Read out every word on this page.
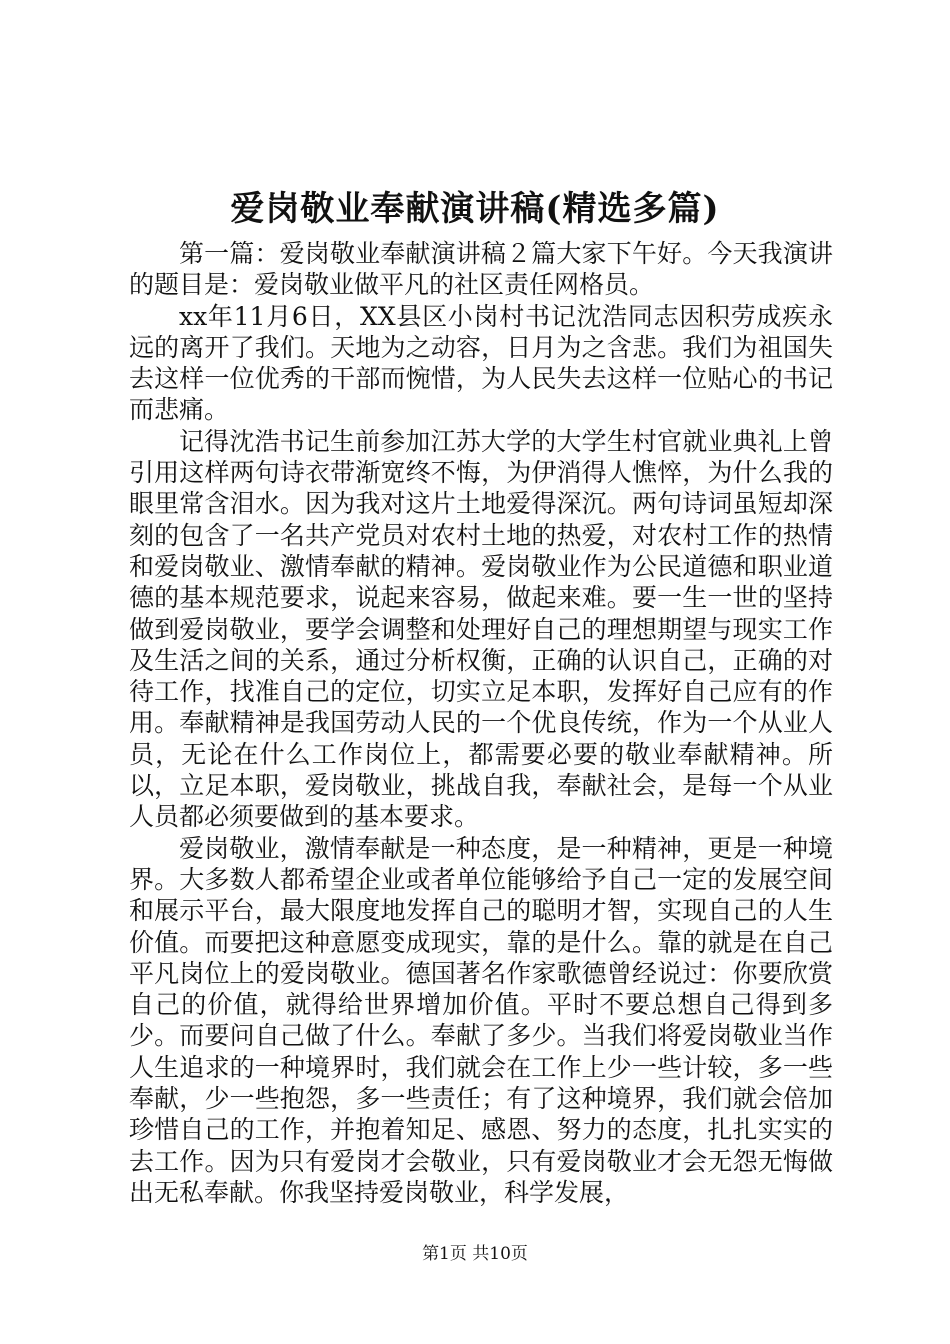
爱岗敬业奉献演讲稿(精选多篇)

第一篇：爱岗敬业奉献演讲稿２篇大家下午好。今天我演讲的题目是：爱岗敬业做平凡的社区责任网格员。

xx年11月6日，XX县区小岗村书记沈浩同志因积劳成疾永远的离开了我们。天地为之动容，日月为之含悲。我们为祖国失去这样一位优秀的干部而惋惜，为人民失去这样一位贴心的书记而悲痛。

记得沈浩书记生前参加江苏大学的大学生村官就业典礼上曾引用这样两句诗衣带渐宽终不悔，为伊消得人憔悴，为什么我的眼里常含泪水。因为我对这片土地爱得深沉。两句诗词虽短却深刻的包含了一名共产党员对农村土地的热爱，对农村工作的热情和爱岗敬业、激情奉献的精神。爱岗敬业作为公民道德和职业道德的基本规范要求，说起来容易，做起来难。要一生一世的坚持做到爱岗敬业，要学会调整和处理好自己的理想期望与现实工作及生活之间的关系，通过分析权衡，正确的认识自己，正确的对待工作，找准自己的定位，切实立足本职，发挥好自己应有的作用。奉献精神是我国劳动人民的一个优良传统，作为一个从业人员，无论在什么工作岗位上，都需要必要的敬业奉献精神。所以，立足本职，爱岗敬业，挑战自我，奉献社会，是每一个从业人员都必须要做到的基本要求。

爱岗敬业，激情奉献是一种态度，是一种精神，更是一种境界。大多数人都希望企业或者单位能够给予自己一定的发展空间和展示平台，最大限度地发挥自己的聪明才智，实现自己的人生价值。而要把这种意愿变成现实，靠的是什么。靠的就是在自己平凡岗位上的爱岗敬业。德国著名作家歌德曾经说过：你要欣赏自己的价值，就得给世界增加价值。平时不要总想自己得到多少。而要问自己做了什么。奉献了多少。当我们将爱岗敬业当作人生追求的一种境界时，我们就会在工作上少一些计较，多一些奉献，少一些抱怨，多一些责任；有了这种境界，我们就会倍加珍惜自己的工作，并抱着知足、感恩、努力的态度，扎扎实实的去工作。因为只有爱岗才会敬业，只有爱岗敬业才会无怨无悔做出无私奉献。你我坚持爱岗敬业，科学发展，

第1页 共10页
